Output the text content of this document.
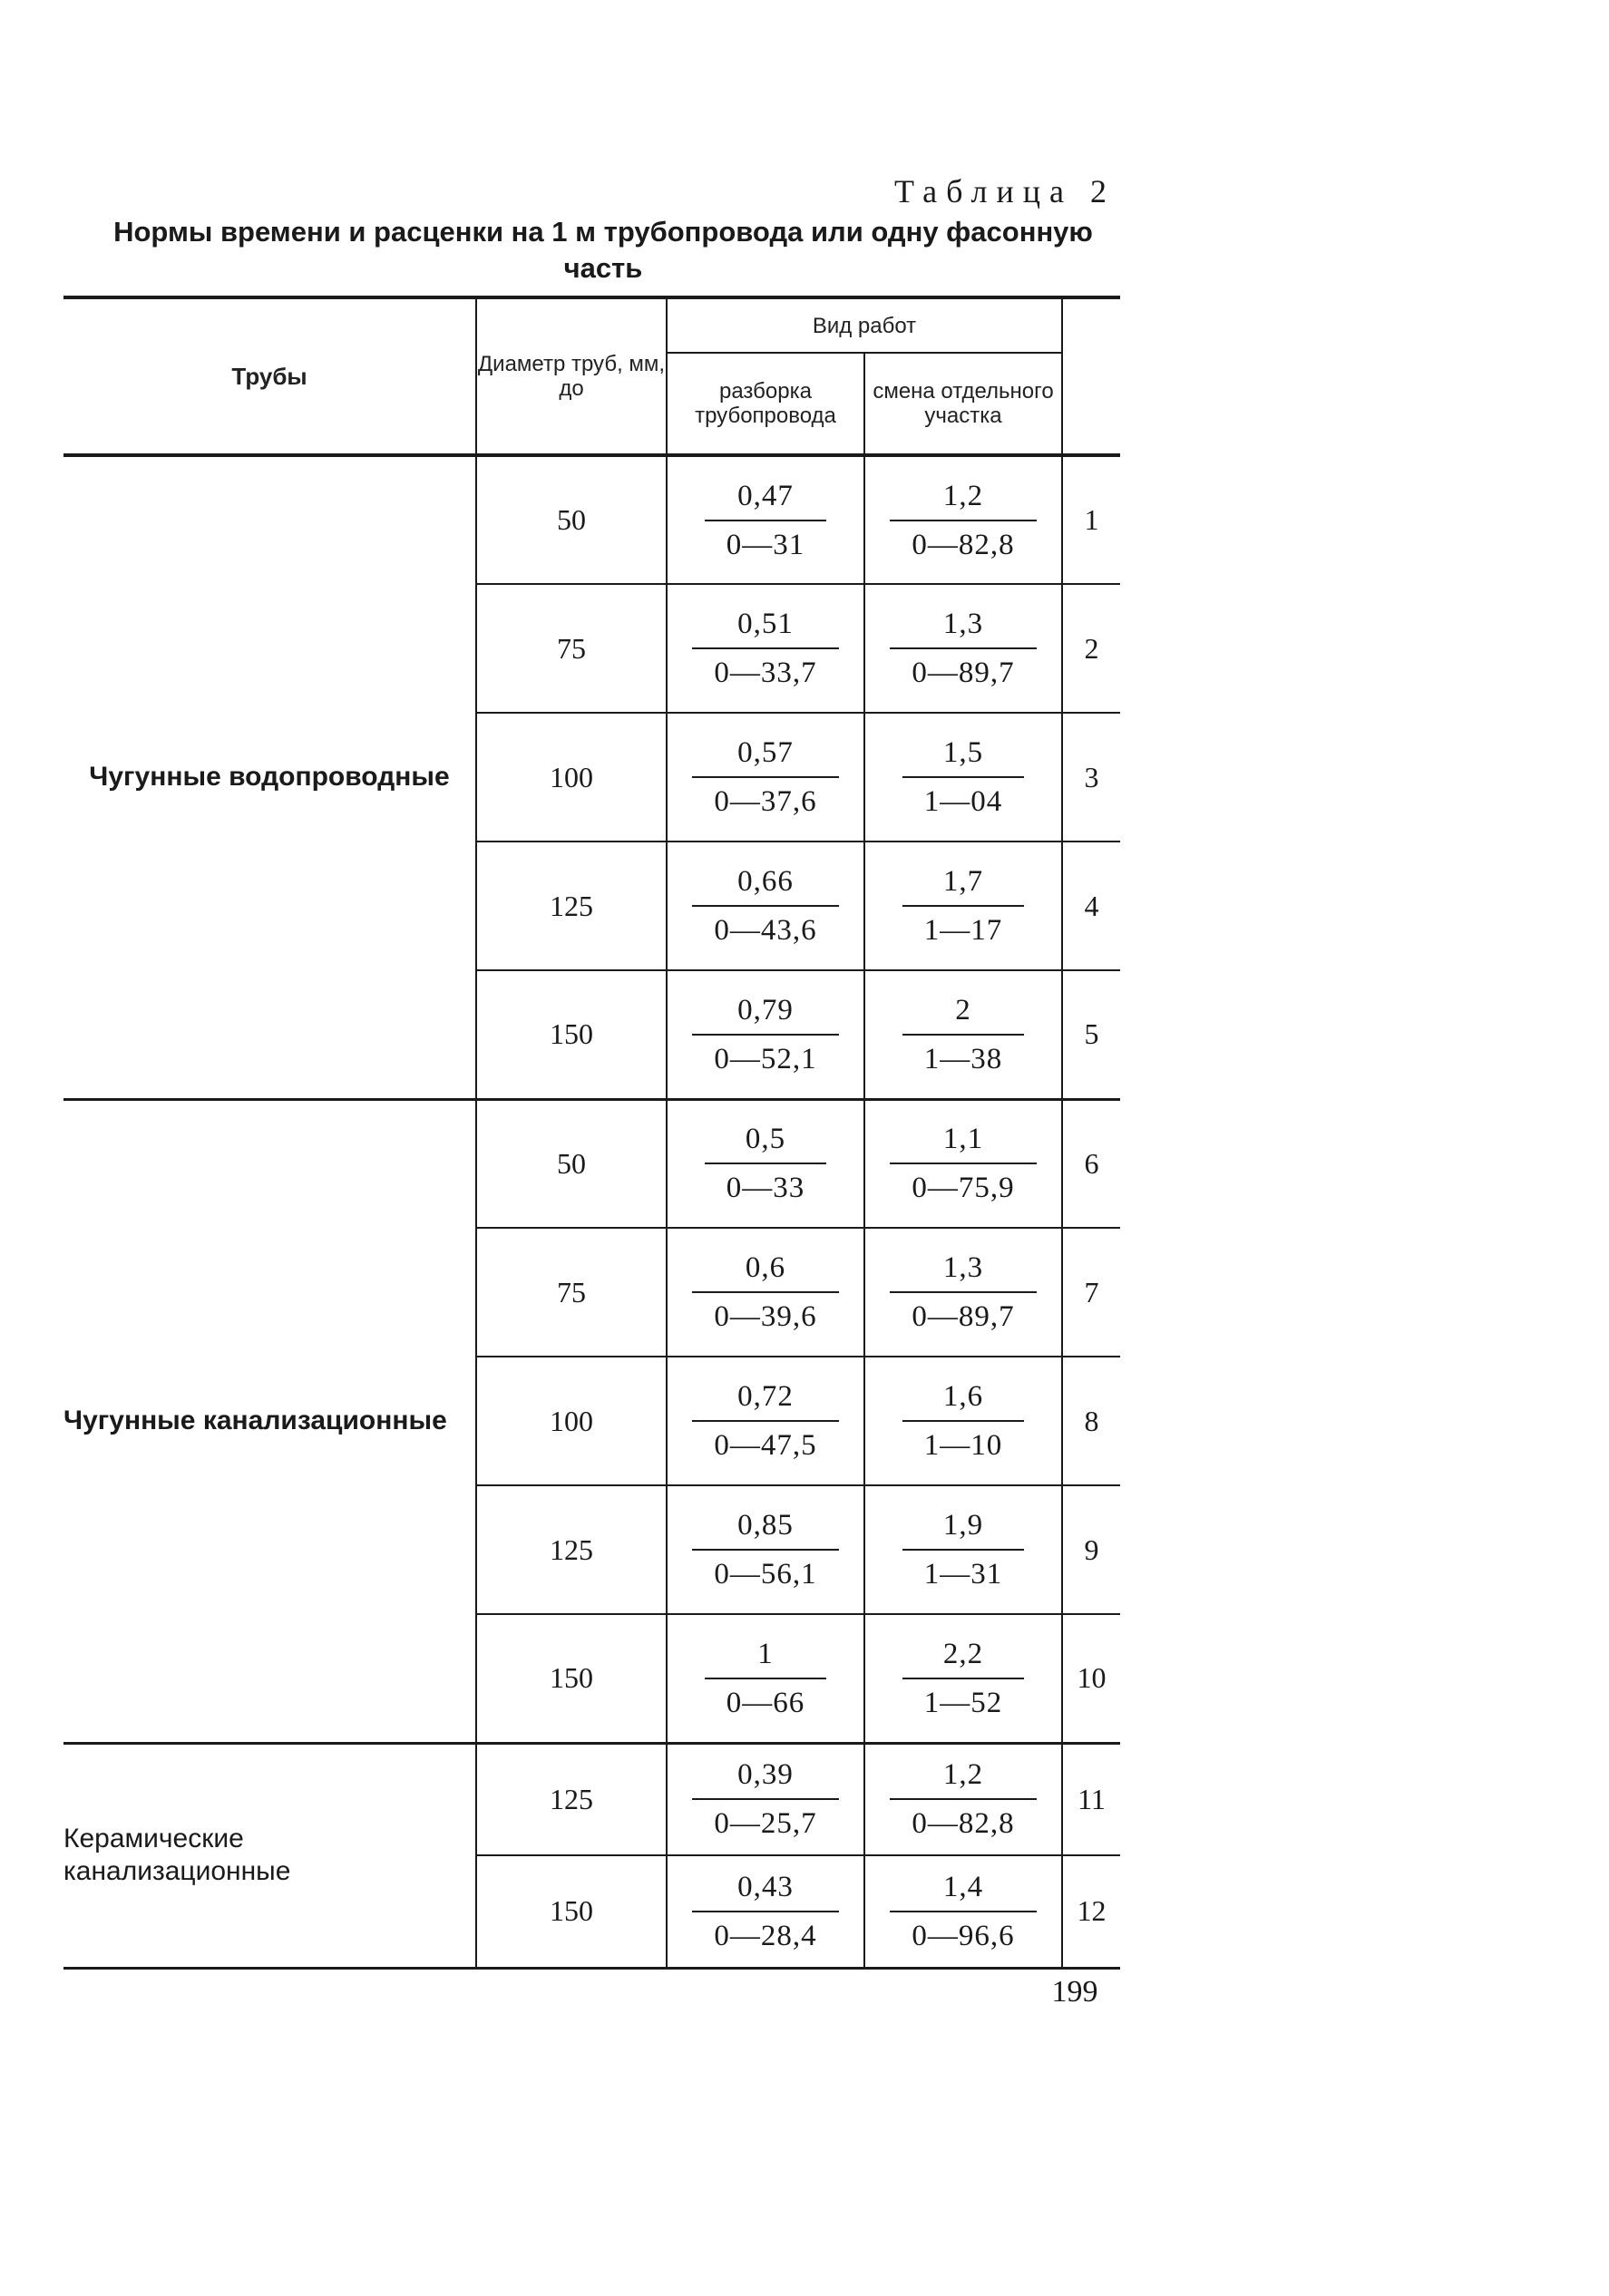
Таблица 2
Нормы времени и расценки на 1 м трубопровода или одну фасонную часть
Трубы	Диаметр труб, мм, до	Вид работ		
		разборка трубопровода	смена отдельного участка	
Чугунные водопроводные	50	$\frac{0,47}{0—31}$	$\frac{1,2}{0—82,8}$	1
	75	$\frac{0,51}{0—33,7}$	$\frac{1,3}{0—89,7}$	2
	100	$\frac{0,57}{0—37,6}$	$\frac{1,5}{1—04}$	3
	125	$\frac{0,66}{0—43,6}$	$\frac{1,7}{1—17}$	4
	150	$\frac{0,79}{0—52,1}$	$\frac{2}{1—38}$	5
Чугунные канализационные	50	$\frac{0,5}{0—33}$	$\frac{1,1}{0—75,9}$	6
	75	$\frac{0,6}{0—39,6}$	$\frac{1,3}{0—89,7}$	7
	100	$\frac{0,72}{0—47,5}$	$\frac{1,6}{1—10}$	8
	125	$\frac{0,85}{0—56,1}$	$\frac{1,9}{1—31}$	9
	150	$\frac{1}{0—66}$	$\frac{2,2}{1—52}$	10
Керамические канализационные	125	$\frac{0,39}{0—25,7}$	$\frac{1,2}{0—82,8}$	11
	150	$\frac{0,43}{0—28,4}$	$\frac{1,4}{0—96,6}$	12
199
